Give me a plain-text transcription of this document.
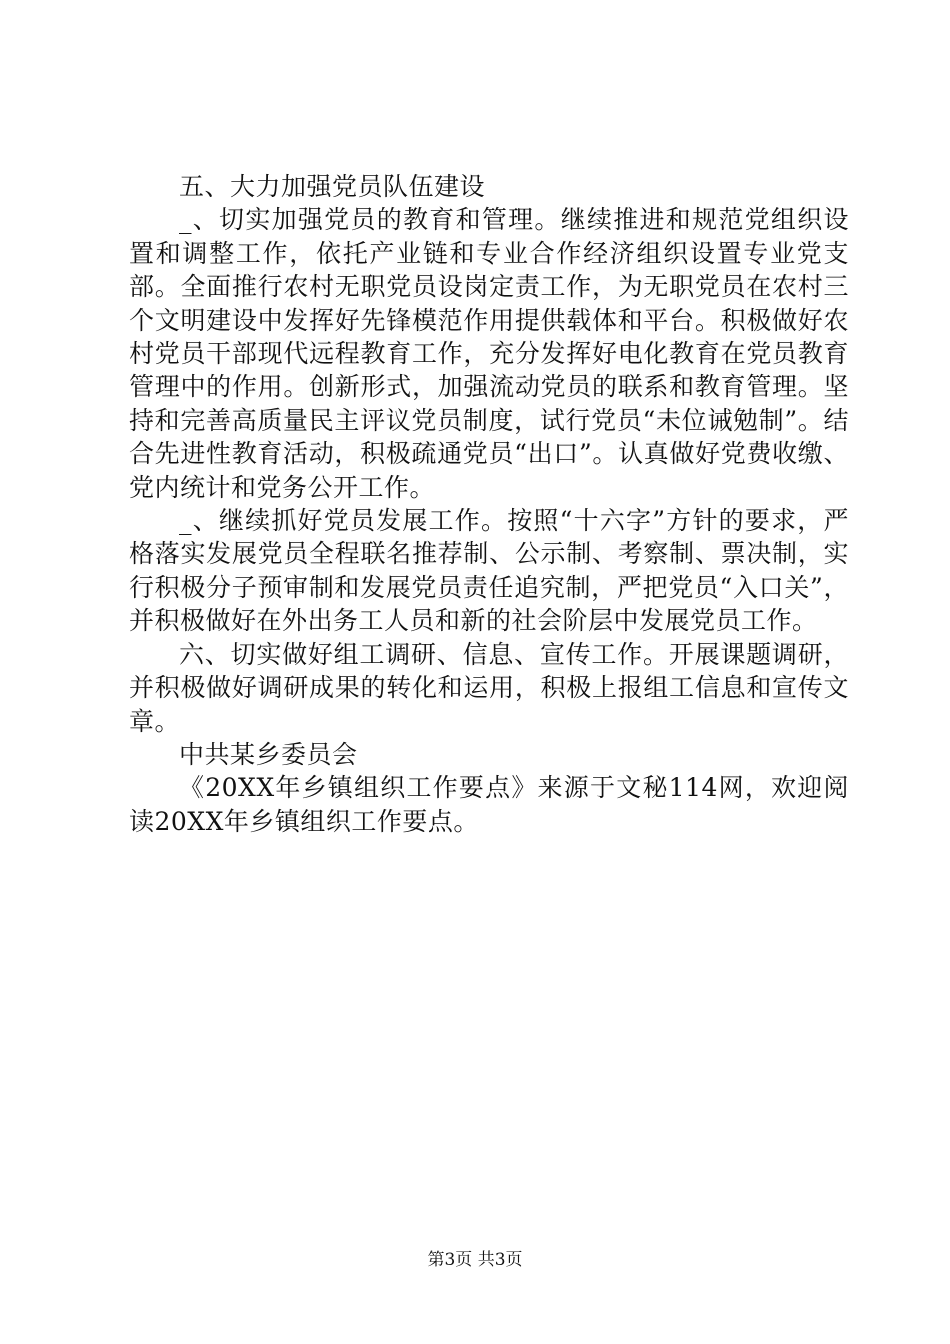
五、大力加强党员队伍建设

_、切实加强党员的教育和管理。继续推进和规范党组织设置和调整工作，依托产业链和专业合作经济组织设置专业党支部。全面推行农村无职党员设岗定责工作，为无职党员在农村三个文明建设中发挥好先锋模范作用提供载体和平台。积极做好农村党员干部现代远程教育工作，充分发挥好电化教育在党员教育管理中的作用。创新形式，加强流动党员的联系和教育管理。坚持和完善高质量民主评议党员制度，试行党员“未位诫勉制”。结合先进性教育活动，积极疏通党员“出口”。认真做好党费收缴、党内统计和党务公开工作。

_、继续抓好党员发展工作。按照“十六字”方针的要求，严格落实发展党员全程联名推荐制、公示制、考察制、票决制，实行积极分子预审制和发展党员责任追究制，严把党员“入口关”，并积极做好在外出务工人员和新的社会阶层中发展党员工作。

六、切实做好组工调研、信息、宣传工作。开展课题调研，并积极做好调研成果的转化和运用，积极上报组工信息和宣传文章。

中共某乡委员会

《20XX年乡镇组织工作要点》来源于文秘114网，欢迎阅读20XX年乡镇组织工作要点。

第3页 共3页
